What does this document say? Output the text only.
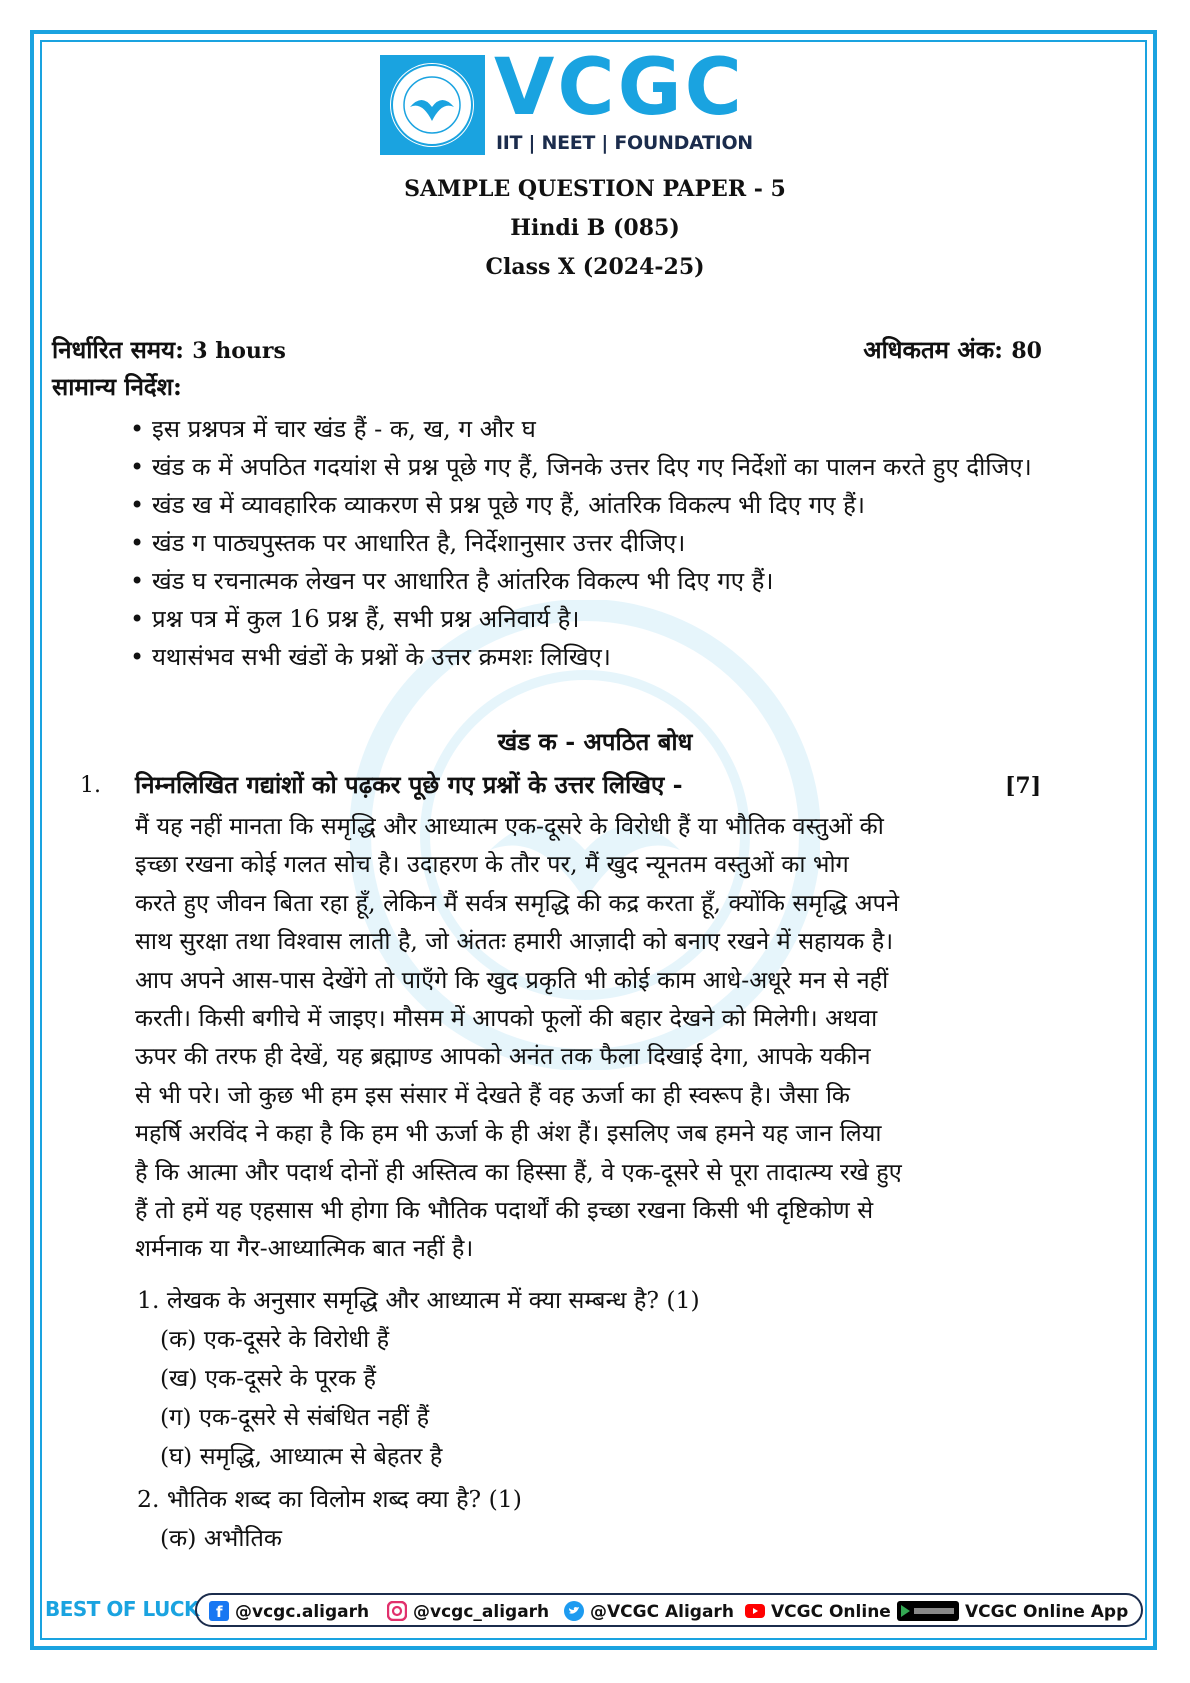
VCGC
IIT | NEET | FOUNDATION
SAMPLE QUESTION PAPER - 5
Hindi B (085)
Class X (2024-25)
निर्धारित समय: 3 hours	अधिकतम अंक: 80
सामान्य निर्देश:
• इस प्रश्नपत्र में चार खंड हैं - क, ख, ग और घ
• खंड क में अपठित गदयांश से प्रश्न पूछे गए हैं, जिनके उत्तर दिए गए निर्देशों का पालन करते हुए दीजिए।
• खंड ख में व्यावहारिक व्याकरण से प्रश्न पूछे गए हैं, आंतरिक विकल्प भी दिए गए हैं।
• खंड ग पाठ्यपुस्तक पर आधारित है, निर्देशानुसार उत्तर दीजिए।
• खंड घ रचनात्मक लेखन पर आधारित है आंतरिक विकल्प भी दिए गए हैं।
• प्रश्न पत्र में कुल 16 प्रश्न हैं, सभी प्रश्न अनिवार्य है।
• यथासंभव सभी खंडों के प्रश्नों के उत्तर क्रमशः लिखिए।
खंड क - अपठित बोध
1. निम्नलिखित गद्यांशों को पढ़कर पूछे गए प्रश्नों के उत्तर लिखिए -	[7]
मैं यह नहीं मानता कि समृद्धि और आध्यात्म एक-दूसरे के विरोधी हैं या भौतिक वस्तुओं की
इच्छा रखना कोई गलत सोच है। उदाहरण के तौर पर, मैं खुद न्यूनतम वस्तुओं का भोग
करते हुए जीवन बिता रहा हूँ, लेकिन मैं सर्वत्र समृद्धि की कद्र करता हूँ, क्योंकि समृद्धि अपने
साथ सुरक्षा तथा विश्वास लाती है, जो अंततः हमारी आज़ादी को बनाए रखने में सहायक है।
आप अपने आस-पास देखेंगे तो पाएँगे कि खुद प्रकृति भी कोई काम आधे-अधूरे मन से नहीं
करती। किसी बगीचे में जाइए। मौसम में आपको फूलों की बहार देखने को मिलेगी। अथवा
ऊपर की तरफ ही देखें, यह ब्रह्माण्ड आपको अनंत तक फैला दिखाई देगा, आपके यकीन
से भी परे। जो कुछ भी हम इस संसार में देखते हैं वह ऊर्जा का ही स्वरूप है। जैसा कि
महर्षि अरविंद ने कहा है कि हम भी ऊर्जा के ही अंश हैं। इसलिए जब हमने यह जान लिया
है कि आत्मा और पदार्थ दोनों ही अस्तित्व का हिस्सा हैं, वे एक-दूसरे से पूरा तादात्म्य रखे हुए
हैं तो हमें यह एहसास भी होगा कि भौतिक पदार्थों की इच्छा रखना किसी भी दृष्टिकोण से
शर्मनाक या गैर-आध्यात्मिक बात नहीं है।
1. लेखक के अनुसार समृद्धि और आध्यात्म में क्या सम्बन्ध है? (1)
(क) एक-दूसरे के विरोधी हैं
(ख) एक-दूसरे के पूरक हैं
(ग) एक-दूसरे से संबंधित नहीं हैं
(घ) समृद्धि, आध्यात्म से बेहतर है
2. भौतिक शब्द का विलोम शब्द क्या है? (1)
(क) अभौतिक
BEST OF LUCK f @vcgc.aligarh	@vcgc_aligarh	@VCGC Aligarh	VCGC Online	VCGC Online App
